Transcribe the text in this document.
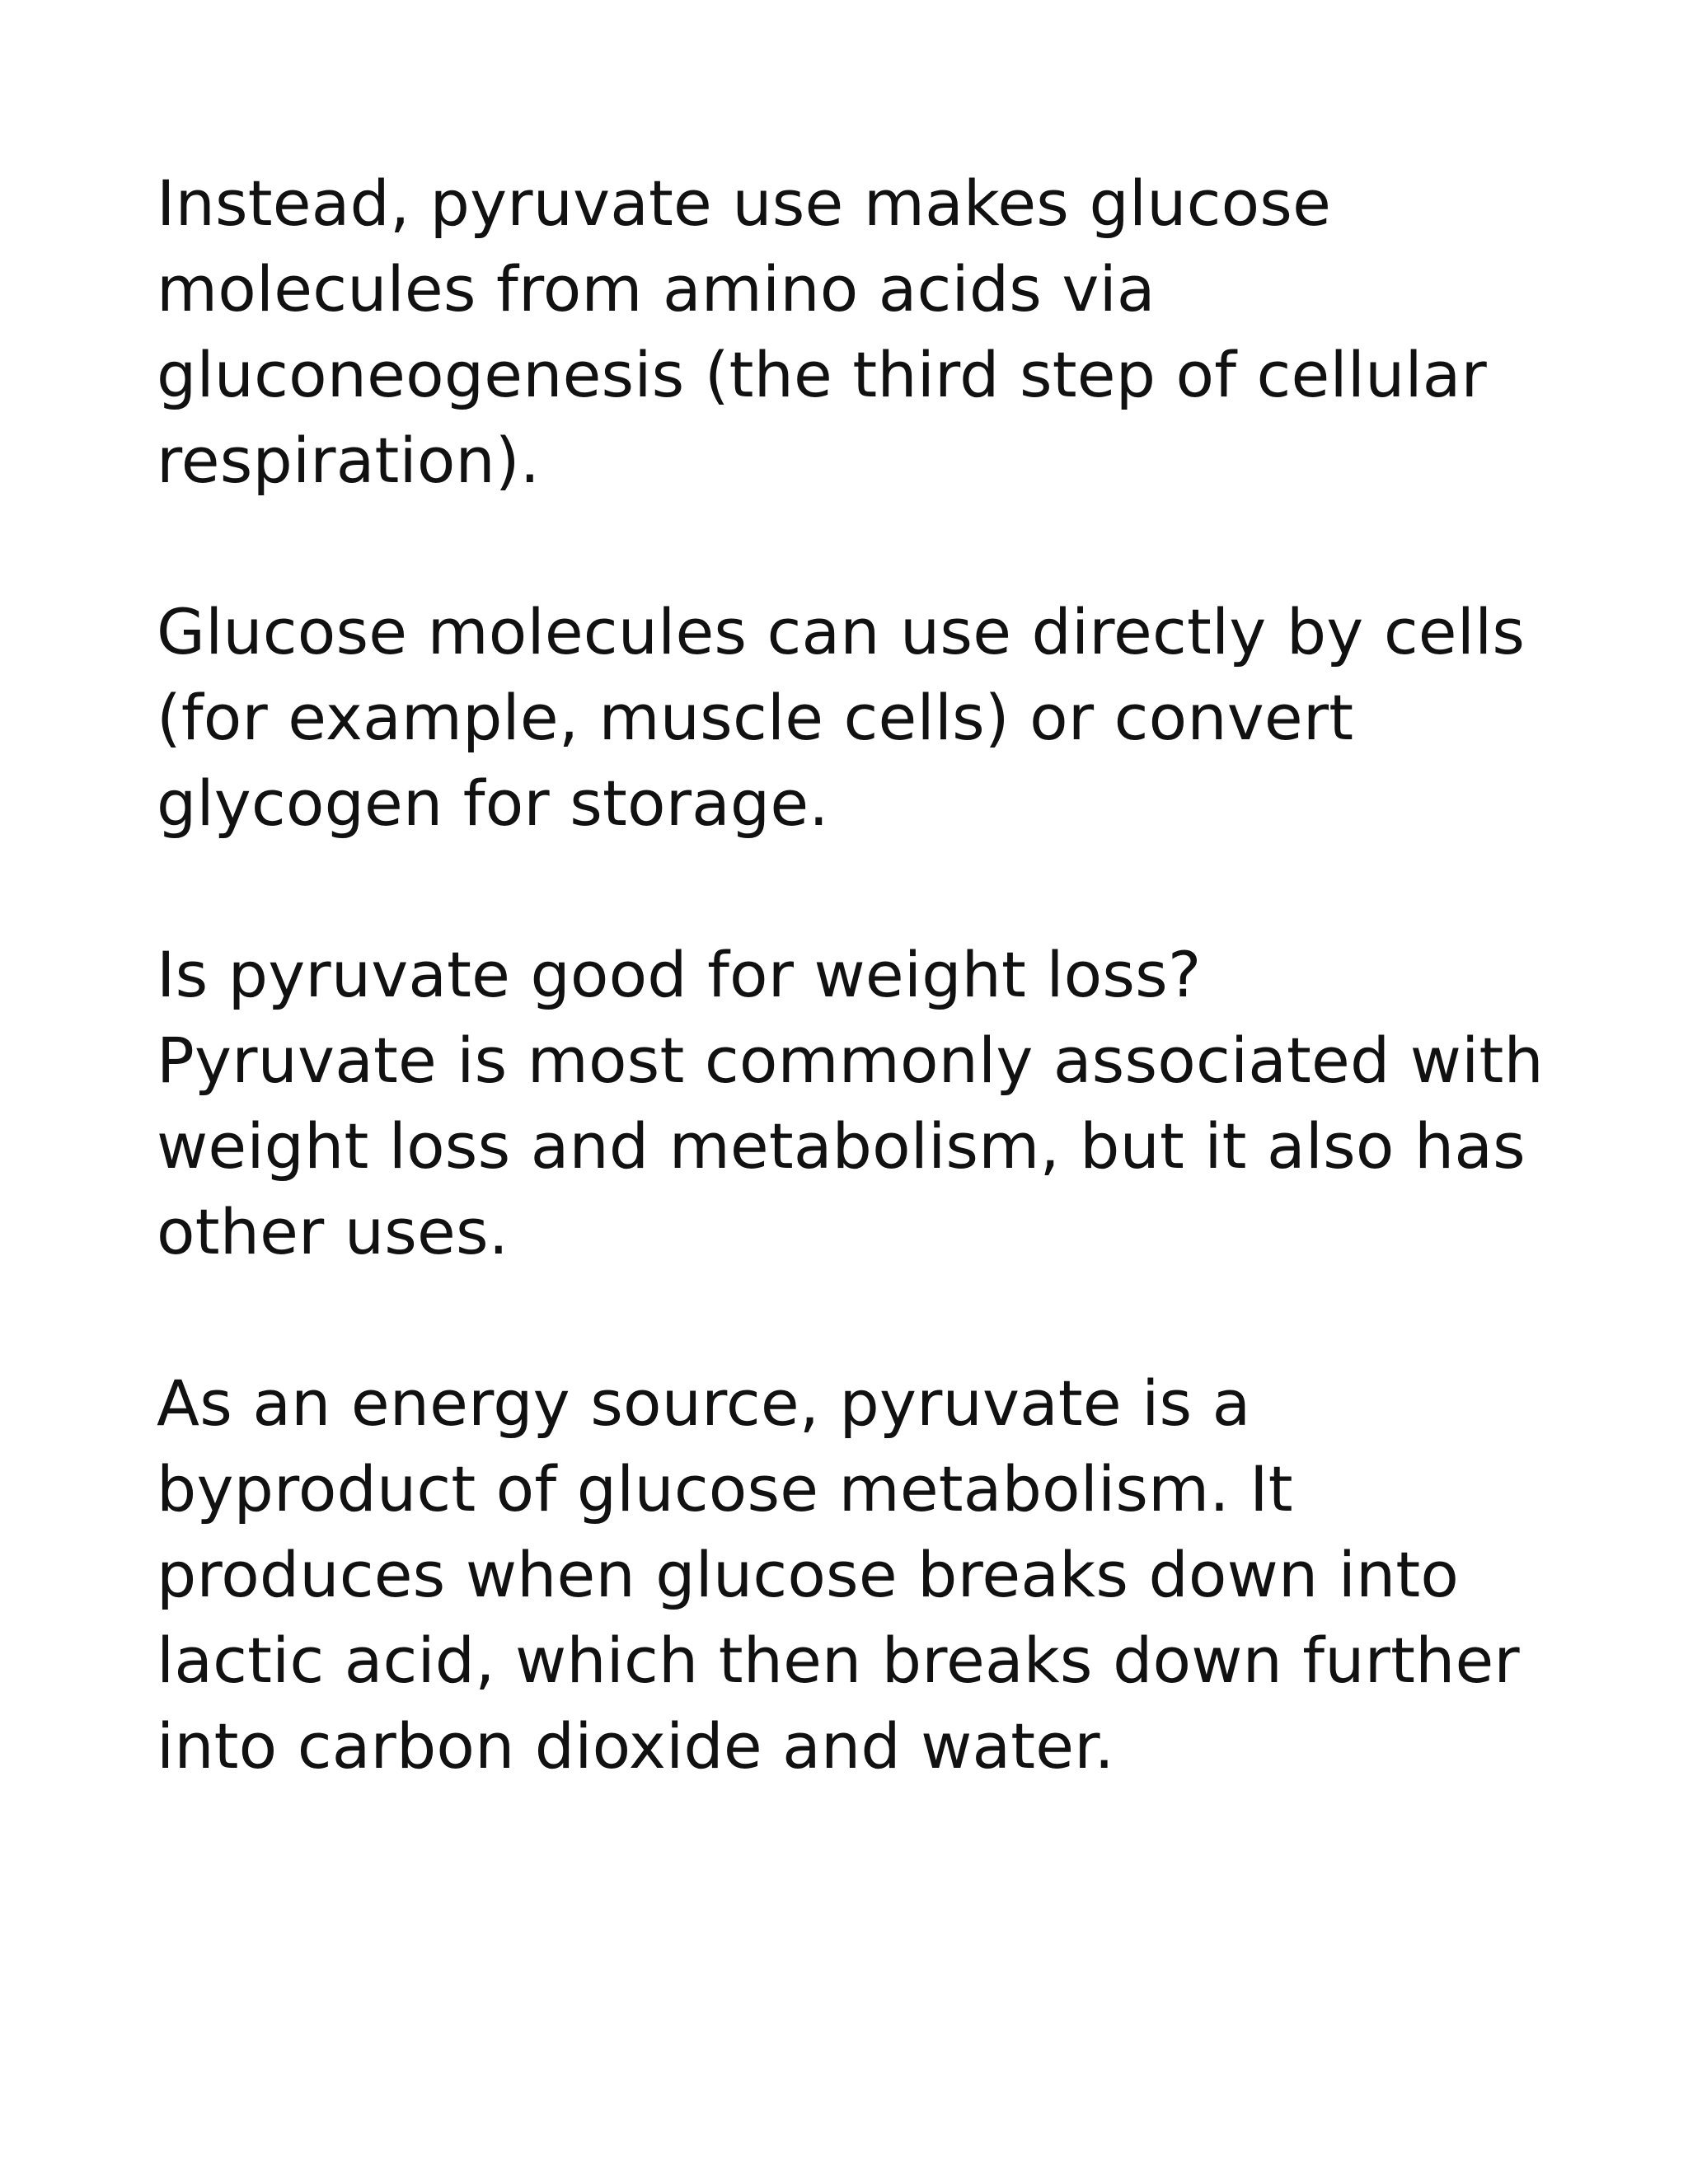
Instead, pyruvate use makes glucose
molecules from amino acids via
gluconeogenesis (the third step of cellular
respiration).

Glucose molecules can use directly by cells
(for example, muscle cells) or convert
glycogen for storage.

Is pyruvate good for weight loss?
Pyruvate is most commonly associated with
weight loss and metabolism, but it also has
other uses.

As an energy source, pyruvate is a
byproduct of glucose metabolism. It
produces when glucose breaks down into
lactic acid, which then breaks down further
into carbon dioxide and water.
